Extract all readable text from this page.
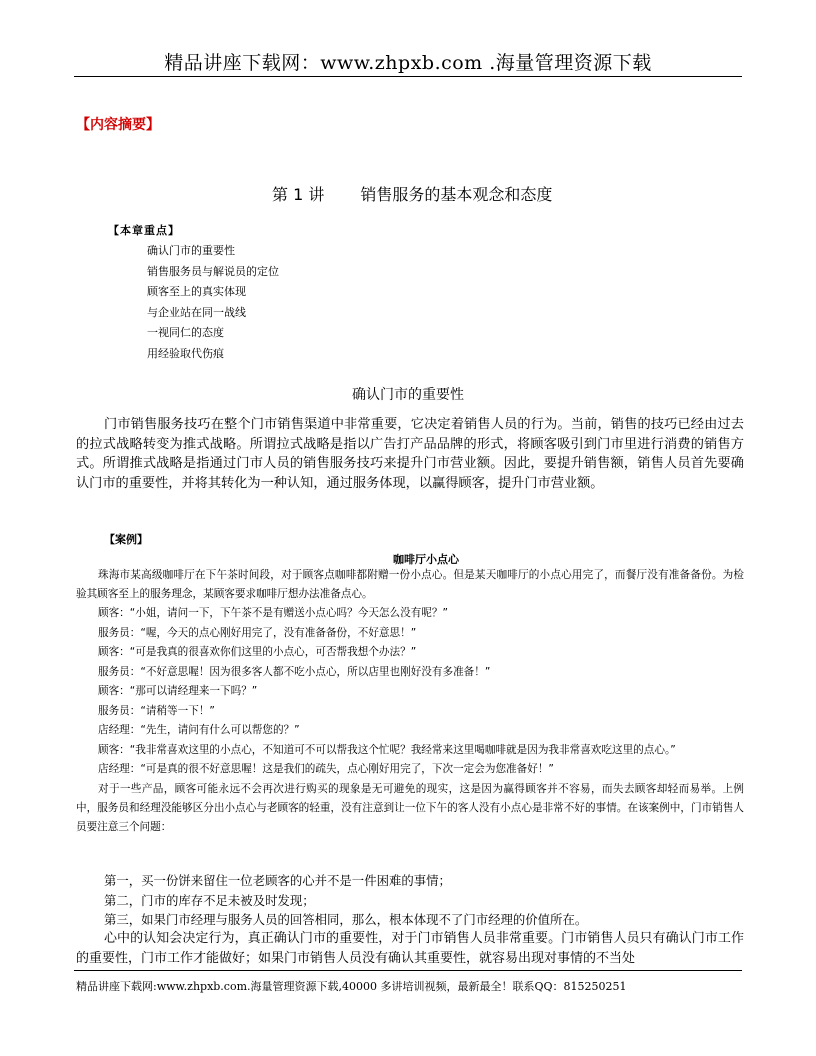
精品讲座下载网：www.zhpxb.com .海量管理资源下载
【内容摘要】
第 1 讲 销售服务的基本观念和态度
【本章重点】
确认门市的重要性
销售服务员与解说员的定位
顾客至上的真实体现
与企业站在同一战线
一视同仁的态度
用经验取代伤痕
确认门市的重要性

门市销售服务技巧在整个门市销售渠道中非常重要，它决定着销售人员的行为。当前，销售的技巧已经由过去的拉式战略转变为推式战略。所谓拉式战略是指以广告打产品品牌的形式，将顾客吸引到门市里进行消费的销售方式。所谓推式战略是指通过门市人员的销售服务技巧来提升门市营业额。因此，要提升销售额，销售人员首先要确认门市的重要性，并将其转化为一种认知，通过服务体现，以赢得顾客，提升门市营业额。

【案例】
咖啡厅小点心

珠海市某高级咖啡厅在下午茶时间段，对于顾客点咖啡都附赠一份小点心。但是某天咖啡厅的小点心用完了，而餐厅没有准备备份。为检验其顾客至上的服务理念，某顾客要求咖啡厅想办法准备点心。

顾客：“小姐，请问一下，下午茶不是有赠送小点心吗？今天怎么没有呢？”

服务员：“喔，今天的点心刚好用完了，没有准备备份，不好意思！”

顾客：“可是我真的很喜欢你们这里的小点心，可否帮我想个办法？”

服务员：“不好意思喔！因为很多客人都不吃小点心，所以店里也刚好没有多准备！”

顾客：“那可以请经理来一下吗？”

服务员：“请稍等一下！”

店经理：“先生，请问有什么可以帮您的？”

顾客：“我非常喜欢这里的小点心，不知道可不可以帮我这个忙呢？我经常来这里喝咖啡就是因为我非常喜欢吃这里的点心。”

店经理：“可是真的很不好意思喔！这是我们的疏失，点心刚好用完了，下次一定会为您准备好！”

对于一些产品，顾客可能永远不会再次进行购买的现象是无可避免的现实，这是因为赢得顾客并不容易，而失去顾客却轻而易举。上例中，服务员和经理没能够区分出小点心与老顾客的轻重，没有注意到让一位下午的客人没有小点心是非常不好的事情。在该案例中，门市销售人员要注意三个问题：

第一，买一份饼来留住一位老顾客的心并不是一件困难的事情；

第二，门市的库存不足未被及时发现；

第三，如果门市经理与服务人员的回答相同，那么，根本体现不了门市经理的价值所在。

心中的认知会决定行为，真正确认门市的重要性，对于门市销售人员非常重要。门市销售人员只有确认门市工作的重要性，门市工作才能做好；如果门市销售人员没有确认其重要性，就容易出现对事情的不当处

精品讲座下载网:www.zhpxb.com.海量管理资源下载,40000 多讲培训视频，最新最全！联系QQ：815250251
